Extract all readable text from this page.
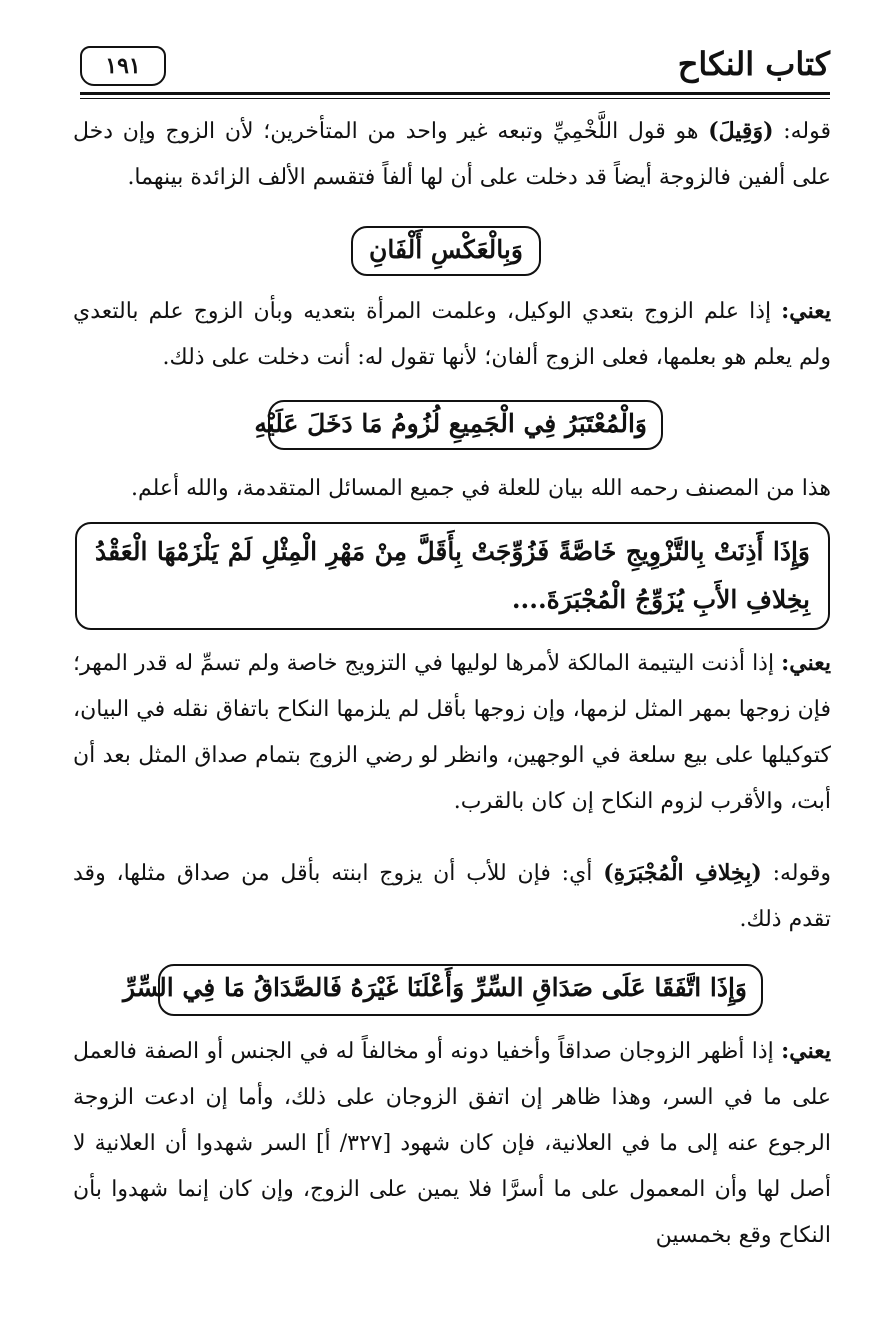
كتاب النكاح
١٩١
قوله: (وَقِيلَ) هو قول اللَّخْمِيِّ وتبعه غير واحد من المتأخرين؛ لأن الزوج وإن دخل على ألفين فالزوجة أيضاً قد دخلت على أن لها ألفاً فتقسم الألف الزائدة بينهما.
وَبِالْعَكْسِ أَلْفَانِ
يعني: إذا علم الزوج بتعدي الوكيل، وعلمت المرأة بتعديه وبأن الزوج علم بالتعدي ولم يعلم هو بعلمها، فعلى الزوج ألفان؛ لأنها تقول له: أنت دخلت على ذلك.
وَالْمُعْتَبَرُ فِي الْجَمِيعِ لُزُومُ مَا دَخَلَ عَلَيْهِ
هذا من المصنف رحمه الله بيان للعلة في جميع المسائل المتقدمة، والله أعلم.
وَإِذَا أَذِنَتْ بِالتَّزْوِيجِ خَاصَّةً فَزُوِّجَتْ بِأَقَلَّ مِنْ مَهْرِ الْمِثْلِ لَمْ يَلْزَمْهَا الْعَقْدُ بِخِلافِ الأَبِ يُزَوِّجُ الْمُجْبَرَةَ....
يعني: إذا أذنت اليتيمة المالكة لأمرها لوليها في التزويج خاصة ولم تسمِّ له قدر المهر؛ فإن زوجها بمهر المثل لزمها، وإن زوجها بأقل لم يلزمها النكاح باتفاق نقله في البيان، كتوكيلها على بيع سلعة في الوجهين، وانظر لو رضي الزوج بتمام صداق المثل بعد أن أبت، والأقرب لزوم النكاح إن كان بالقرب.
وقوله: (بِخِلافِ الْمُجْبَرَةِ) أي: فإن للأب أن يزوج ابنته بأقل من صداق مثلها، وقد تقدم ذلك.
وَإِذَا اتَّفَقَا عَلَى صَدَاقِ السِّرِّ وَأَعْلَنَا غَيْرَهُ فَالصَّدَاقُ مَا فِي السِّرِّ
يعني: إذا أظهر الزوجان صداقاً وأخفيا دونه أو مخالفاً له في الجنس أو الصفة فالعمل على ما في السر، وهذا ظاهر إن اتفق الزوجان على ذلك، وأما إن ادعت الزوجة الرجوع عنه إلى ما في العلانية، فإن كان شهود [٣٢٧/ أ] السر شهدوا أن العلانية لا أصل لها وأن المعمول على ما أسرَّا فلا يمين على الزوج، وإن كان إنما شهدوا بأن النكاح وقع بخمسين
